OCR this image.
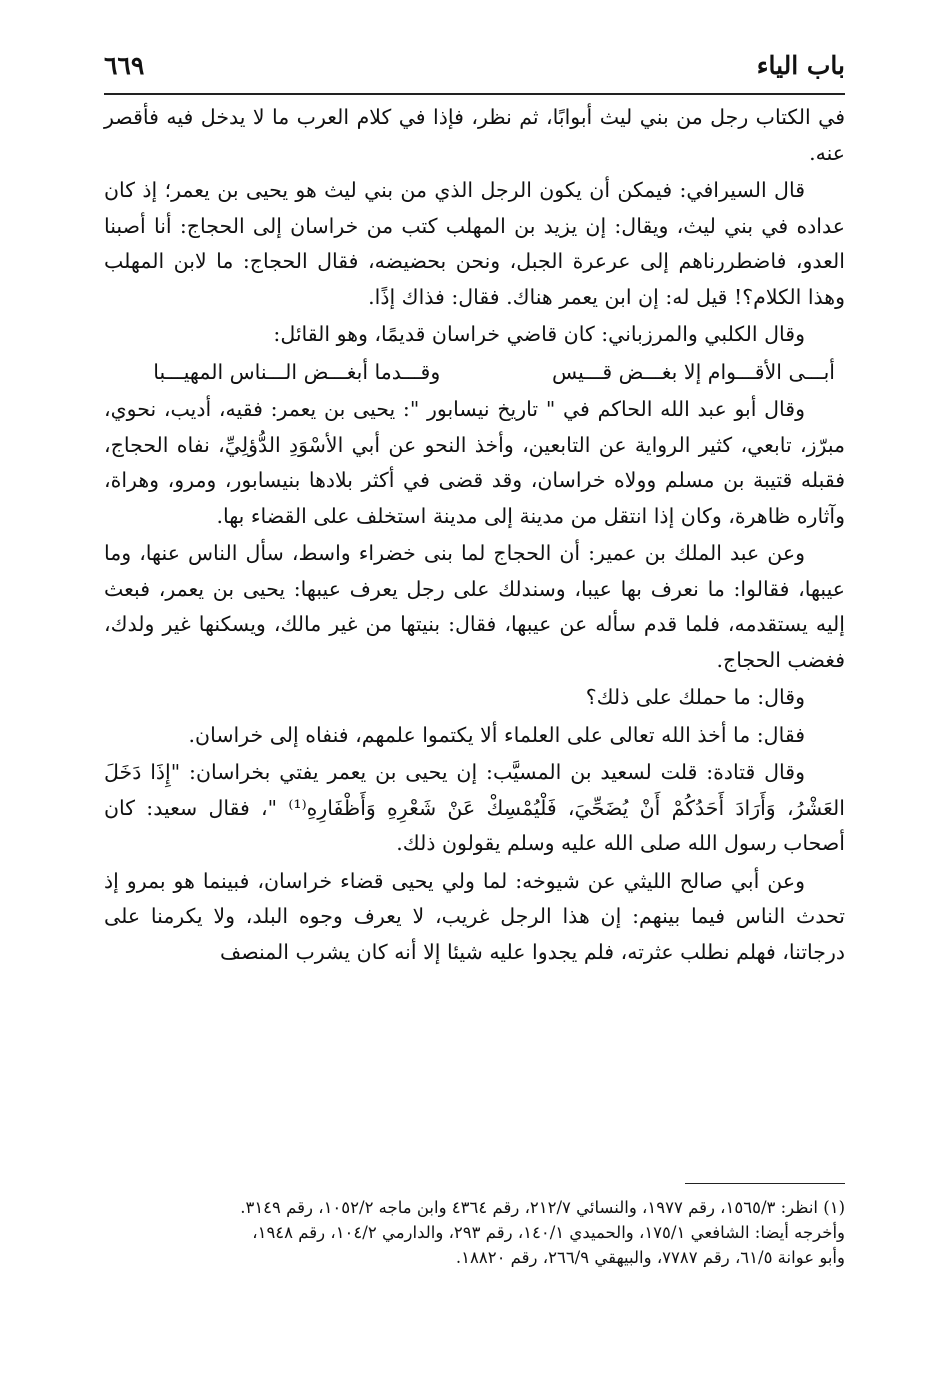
باب الياء
٦٦٩

في الكتاب رجل من بني ليث أبوابًا، ثم نظر، فإذا في كلام العرب ما لا يدخل فيه فأقصر عنه.

قال السيرافي: فيمكن أن يكون الرجل الذي من بني ليث هو يحيى بن يعمر؛ إذ كان عداده في بني ليث، ويقال: إن يزيد بن المهلب كتب من خراسان إلى الحجاج: أنا أصبنا العدو، فاضطررناهم إلى عرعرة الجبل، ونحن بحضيضه، فقال الحجاج: ما لابن المهلب وهذا الكلام؟! قيل له: إن ابن يعمر هناك. فقال: فذاك إذًا.

وقال الكلبي والمرزباني: كان قاضي خراسان قديمًا، وهو القائل:

أبـــى الأقـــوام إلا بغـــض قـــيس
وقـــدما أبغـــض الـــناس المهيـــبا

وقال أبو عبد الله الحاكم في " تاريخ نيسابور ": يحيى بن يعمر: فقيه، أديب، نحوي، مبرّز، تابعي، كثير الرواية عن التابعين، وأخذ النحو عن أبي الأسْوَدِ الدُّؤلِيِّ، نفاه الحجاج، فقبله قتيبة بن مسلم وولاه خراسان، وقد قضى في أكثر بلادها بنيسابور، ومرو، وهراة، وآثاره ظاهرة، وكان إذا انتقل من مدينة إلى مدينة استخلف على القضاء بها.

وعن عبد الملك بن عمير: أن الحجاج لما بنى خضراء واسط، سأل الناس عنها، وما عيبها، فقالوا: ما نعرف بها عيبا، وسندلك على رجل يعرف عيبها: يحيى بن يعمر، فبعث إليه يستقدمه، فلما قدم سأله عن عيبها، فقال: بنيتها من غير مالك، ويسكنها غير ولدك، فغضب الحجاج.

وقال: ما حملك على ذلك؟

فقال: ما أخذ الله تعالى على العلماء ألا يكتموا علمهم، فنفاه إلى خراسان.

وقال قتادة: قلت لسعيد بن المسيَّب: إن يحيى بن يعمر يفتي بخراسان: "إِذَا دَخَلَ العَشْرُ، وَأَرَادَ أَحَدُكُمْ أَنْ يُضَحِّيَ، فَلْيُمْسِكْ عَنْ شَعْرِهِ وَأَظْفَارِهِ⁽¹⁾ "، فقال سعيد: كان أصحاب رسول الله صلى الله عليه وسلم يقولون ذلك.

وعن أبي صالح الليثي عن شيوخه: لما ولي يحيى قضاء خراسان، فبينما هو بمرو إذ تحدث الناس فيما بينهم: إن هذا الرجل غريب، لا يعرف وجوه البلد، ولا يكرمنا على درجاتنا، فهلم نطلب عثرته، فلم يجدوا عليه شيئا إلا أنه كان يشرب المنصف

(١) انظر: ١٥٦٥/٣، رقم ١٩٧٧، والنسائي ٢١٢/٧، رقم ٤٣٦٤ وابن ماجه ١٠٥٢/٢، رقم ٣١٤٩.

وأخرجه أيضا: الشافعي ١٧٥/١، والحميدي ١٤٠/١، رقم ٢٩٣، والدارمي ١٠٤/٢، رقم ١٩٤٨،

وأبو عوانة ٦١/٥، رقم ٧٧٨٧، والبيهقي ٢٦٦/٩، رقم ١٨٨٢٠.
